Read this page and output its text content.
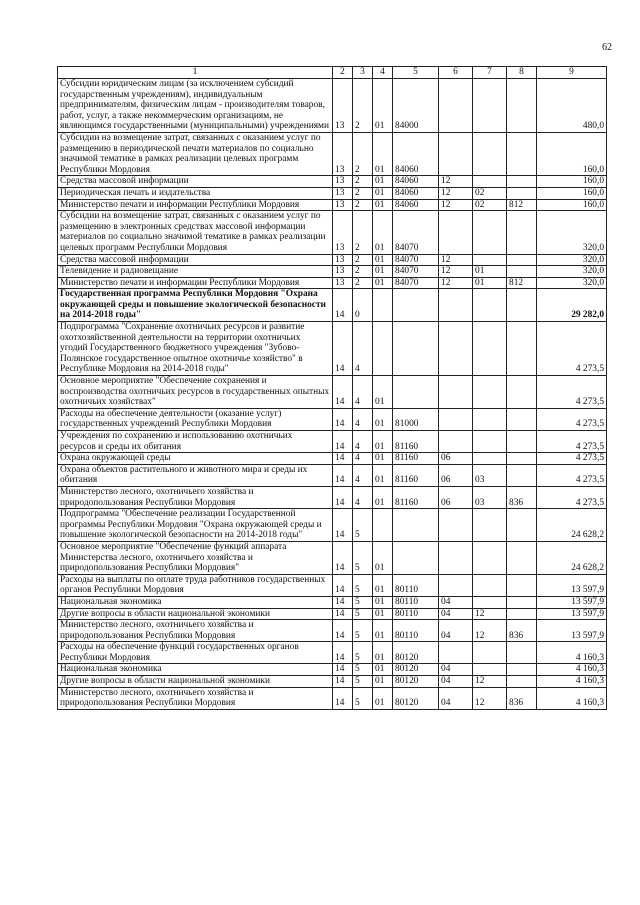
62
1	2	3	4	5	6	7	8	9
Субсидии юридическим лицам (за исключением субсидий государственным учреждениям), индивидуальным предпринимателям, физическим лицам - производителям товаров, работ, услуг, а также некоммерческим организациям, не являющимся государственными (муниципальными) учреждениями	13	2	01	84000				480,0
Субсидии на возмещение затрат, связанных с оказанием услуг по размещению в периодической печати материалов по социально значимой тематике в рамках реализации целевых программ Республики Мордовия	13	2	01	84060				160,0
Средства массовой информации	13	2	01	84060	12			160,0
Периодическая печать и издательства	13	2	01	84060	12	02		160,0
Министерство печати и информации Республики Мордовия	13	2	01	84060	12	02	812	160,0
Субсидии на возмещение затрат, связанных с оказанием услуг по размещению в электронных средствах массовой информации материалов по социально значимой тематике в рамках реализации целевых программ Республики Мордовия	13	2	01	84070				320,0
Средства массовой информации	13	2	01	84070	12			320,0
Телевидение и радиовещание	13	2	01	84070	12	01		320,0
Министерство печати и информации Республики Мордовия	13	2	01	84070	12	01	812	320,0
Государственная программа Республики Мордовия "Охрана окружающей среды и повышение экологической безопасности на 2014-2018 годы"	14	0						29 282,0
Подпрограмма "Сохранение охотничьих ресурсов и развитие охотхозяйственной деятельности на территории охотничьих угодий Государственного бюджетного учреждения "Зубово-Полянское государственное опытное охотничье хозяйство" в Республике Мордовия на 2014-2018 годы"	14	4						4 273,5
Основное мероприятие "Обеспечение сохранения и воспроизводства охотничьих ресурсов в государственных опытных охотничьих хозяйствах"	14	4	01					4 273,5
Расходы на обеспечение деятельности (оказание услуг) государственных учреждений Республики Мордовия	14	4	01	81000				4 273,5
Учреждения по сохранению и использованию охотничьих ресурсов и среды их обитания	14	4	01	81160				4 273,5
Охрана окружающей среды	14	4	01	81160	06			4 273,5
Охрана объектов растительного и животного мира и среды их обитания	14	4	01	81160	06	03		4 273,5
Министерство лесного, охотничьего хозяйства и природопользования Республики Мордовия	14	4	01	81160	06	03	836	4 273,5
Подпрограмма "Обеспечение реализации Государственной программы Республики Мордовия "Охрана окружающей среды и повышение экологической безопасности на 2014-2018 годы"	14	5						24 628,2
Основное мероприятие "Обеспечение функций аппарата Министерства лесного, охотничьего хозяйства и природопользования Республики Мордовия"	14	5	01					24 628,2
Расходы на выплаты по оплате труда работников государственных органов Республики Мордовия	14	5	01	80110				13 597,9
Национальная экономика	14	5	01	80110	04			13 597,9
Другие вопросы в области национальной экономики	14	5	01	80110	04	12		13 597,9
Министерство лесного, охотничьего хозяйства и природопользования Республики Мордовия	14	5	01	80110	04	12	836	13 597,9
Расходы на обеспечение функций государственных органов Республики Мордовия	14	5	01	80120				4 160,3
Национальная экономика	14	5	01	80120	04			4 160,3
Другие вопросы в области национальной экономики	14	5	01	80120	04	12		4 160,3
Министерство лесного, охотничьего хозяйства и природопользования Республики Мордовия	14	5	01	80120	04	12	836	4 160,3
